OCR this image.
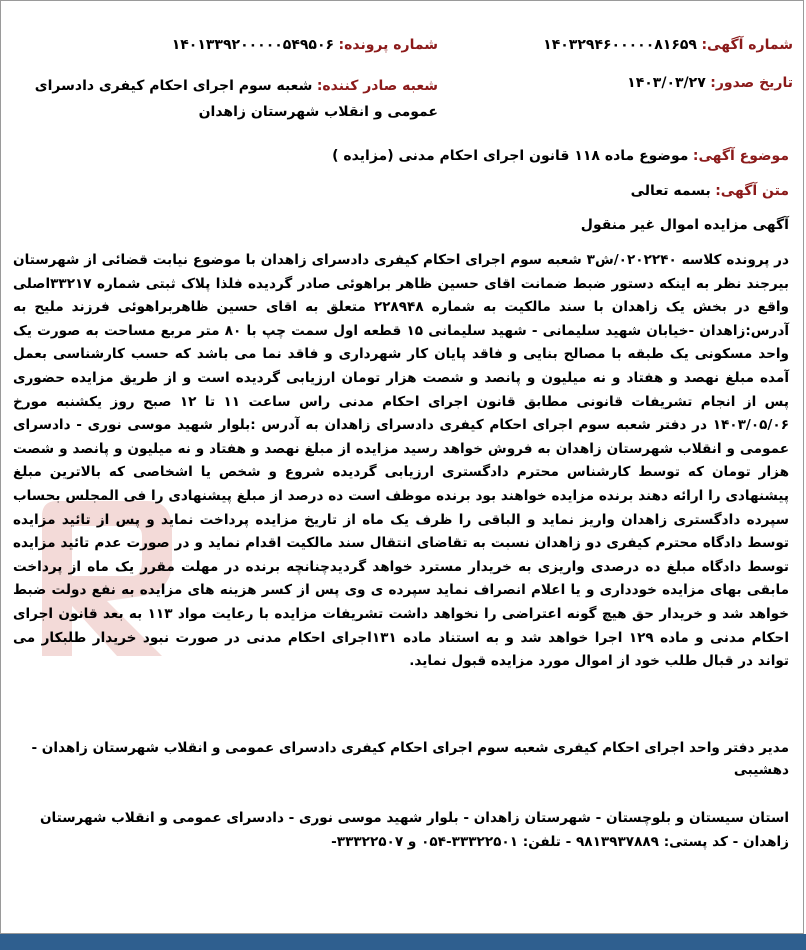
شماره آگهی: ۱۴۰۳۲۹۴۶۰۰۰۰۰۸۱۶۵۹
شماره پرونده: ۱۴۰۱۳۳۹۲۰۰۰۰۰۵۴۹۵۰۶
تاریخ صدور: ۱۴۰۳/۰۳/۲۷
شعبه صادر کننده: شعبه سوم اجرای احکام کیفری دادسرای عمومی و انقلاب شهرستان زاهدان
موضوع آگهی: موضوع ماده ۱۱۸ قانون اجرای احکام مدنی (مزایده )
متن آگهی: بسمه تعالی
آگهی مزایده اموال غیر منقول
در پرونده کلاسه ۰۲۰۲۲۴۰/ش۳ شعبه سوم اجرای احکام کیفری دادسرای زاهدان با موضوع نیابت قضائی از شهرستان بیرجند نظر به اینکه دستور ضبط ضمانت اقای حسین ظاهر براهوئی صادر گردیده فلذا پلاک ثبتی شماره ۳۳۲۱۷اصلی واقع در بخش یک زاهدان با سند مالکیت به شماره ۲۲۸۹۴۸ متعلق به اقای حسین ظاهربراهوئی فرزند ملیح به آدرس:زاهدان -خیابان شهید سلیمانی - شهید سلیمانی ۱۵ قطعه اول سمت چپ با ۸۰ متر مربع مساحت به صورت یک واحد مسکونی یک طبقه با مصالح بنایی و فاقد پایان کار شهرداری و فاقد نما می باشد که حسب کارشناسی بعمل آمده مبلغ نهصد و هفتاد و نه میلیون و پانصد و شصت هزار تومان ارزیابی گردیده است و از طریق مزایده حضوری پس از انجام تشریفات قانونی مطابق قانون اجرای احکام مدنی راس ساعت ۱۱ تا ۱۲ صبح روز یکشنبه مورخ ۱۴۰۳/۰۵/۰۶ در دفتر شعبه سوم اجرای احکام کیفری دادسرای زاهدان به آدرس :بلوار شهید موسی نوری - دادسرای عمومی و انقلاب شهرستان زاهدان به فروش خواهد رسید مزایده از مبلغ نهصد و هفتاد و نه میلیون و پانصد و شصت هزار تومان که توسط کارشناس محترم دادگستری ارزیابی گردیده شروع و شخص یا اشخاصی که بالاترین مبلغ پیشنهادی را ارائه دهند برنده مزایده خواهند بود برنده موظف است ده درصد از مبلغ پیشنهادی را فی المجلس بحساب سپرده دادگستری زاهدان واریز نماید و الباقی را ظرف یک ماه از تاریخ مزایده پرداخت نماید و پس از تائید مزایده توسط دادگاه محترم کیفری دو زاهدان نسبت به تقاضای انتقال سند مالکیت اقدام نماید و در صورت عدم تائید مزایده توسط دادگاه مبلغ ده درصدی واریزی به خریدار مسترد خواهد گردیدچنانچه برنده در مهلت مقرر یک ماه از پرداخت مابقی بهای مزایده خودداری و یا اعلام انصراف نماید سپرده ی وی پس از کسر هزینه های مزایده به نفع دولت ضبط خواهد شد و خریدار حق هیچ گونه اعتراضی را نخواهد داشت تشریفات مزایده با رعایت مواد ۱۱۳ به بعد قانون اجرای احکام مدنی و ماده ۱۲۹ اجرا خواهد شد و به استناد ماده ۱۳۱اجرای احکام مدنی در صورت نبود خریدار طلبکار می تواند در قبال طلب خود از اموال مورد مزایده قبول نماید.
مدیر دفتر واحد اجرای احکام کیفری شعبه سوم اجرای احکام کیفری دادسرای عمومی و انقلاب شهرستان زاهدان - دهشیبی
استان سیستان و بلوچستان - شهرستان زاهدان - بلوار شهید موسی نوری - دادسرای عمومی و انقلاب شهرستان زاهدان - کد پستی: ۹۸۱۳۹۳۷۸۸۹ - تلفن: ۳۳۳۲۲۵۰۱-۰۵۴ و ۳۳۳۲۲۵۰۷-
